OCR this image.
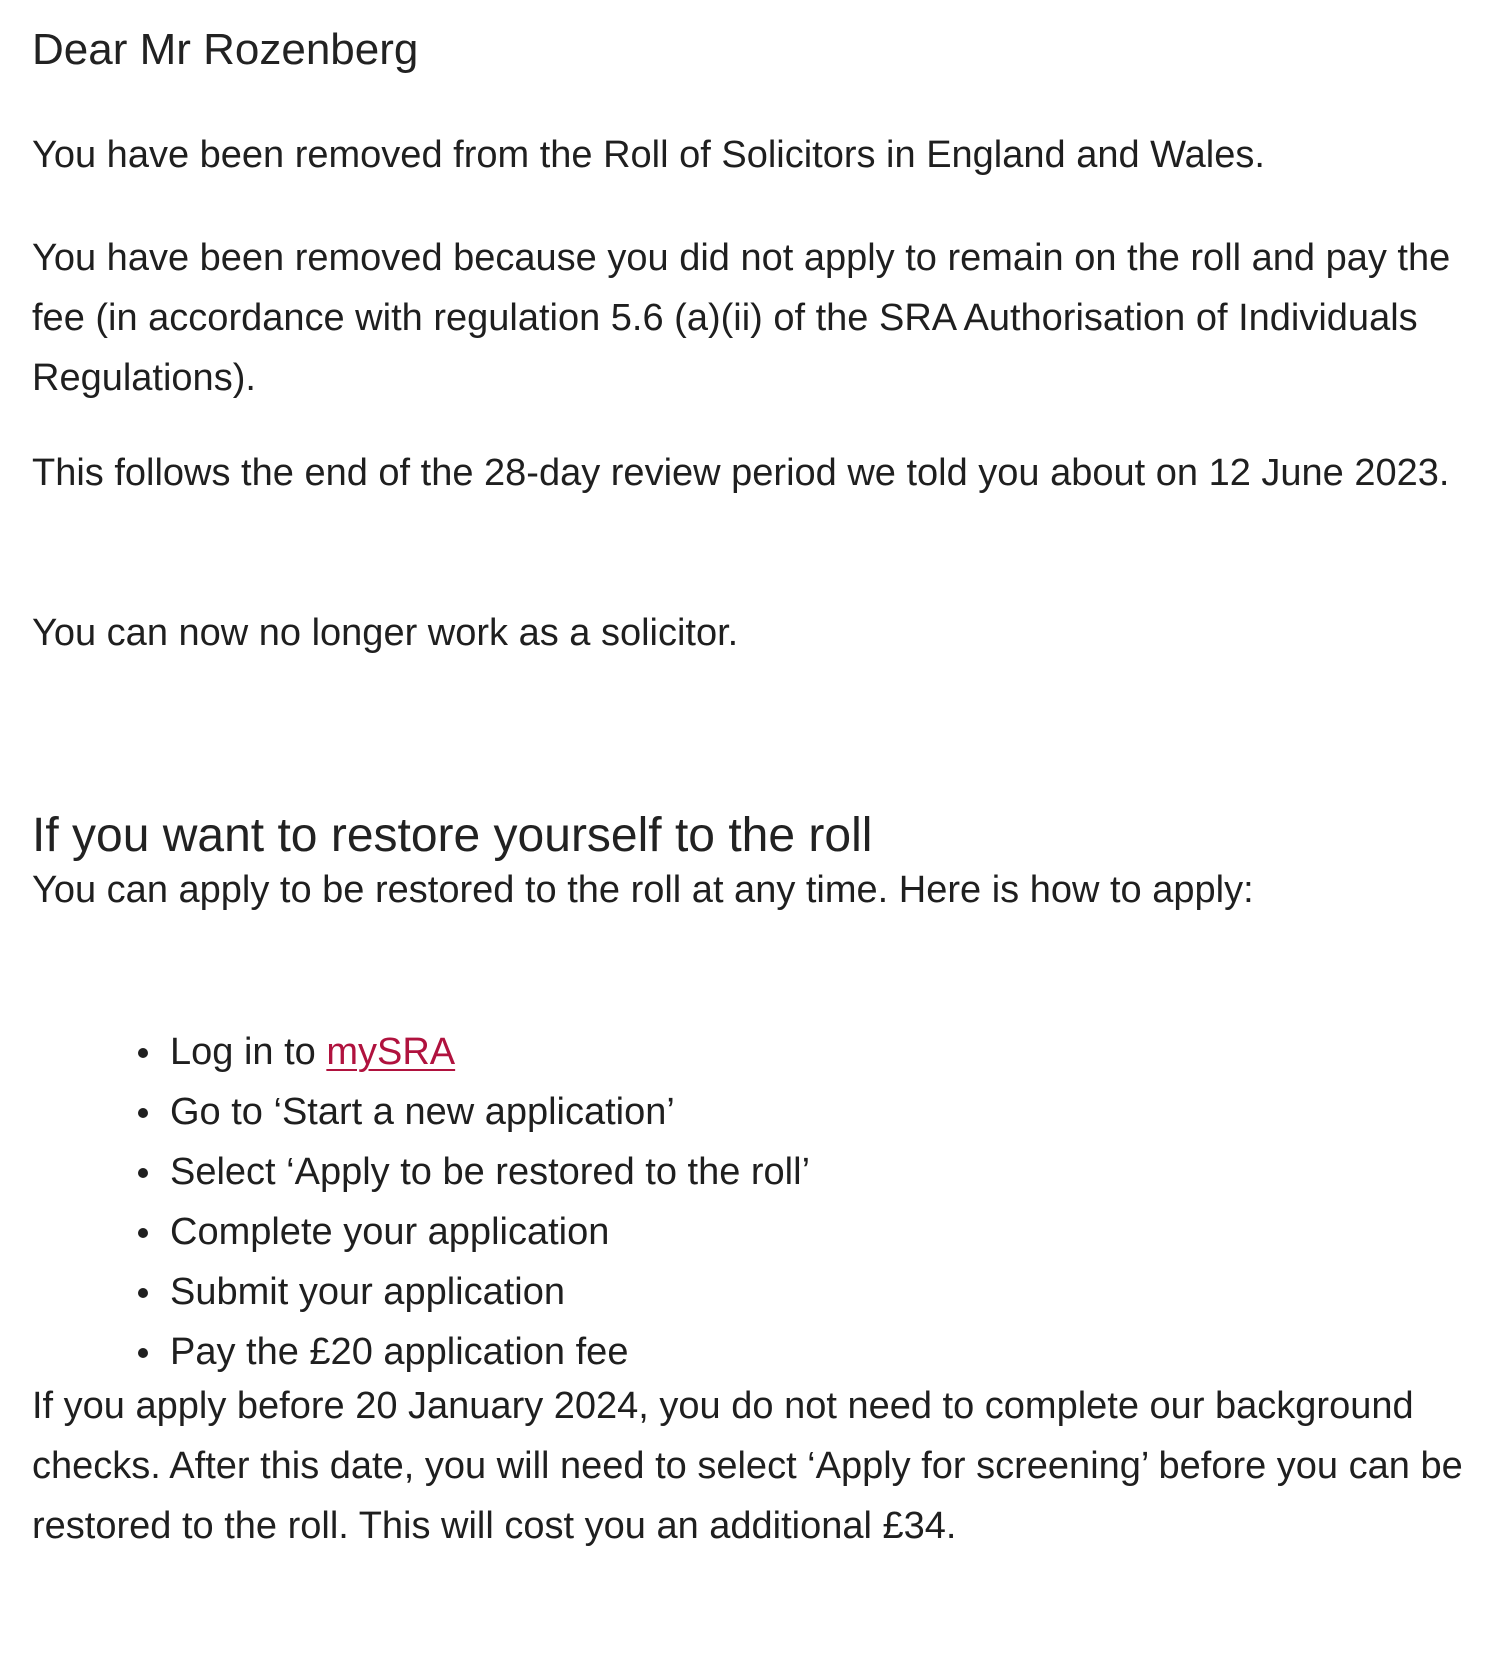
Dear Mr Rozenberg

You have been removed from the Roll of Solicitors in England and Wales.

You have been removed because you did not apply to remain on the roll and pay the fee (in accordance with regulation 5.6 (a)(ii) of the SRA Authorisation of Individuals Regulations).

This follows the end of the 28-day review period we told you about on 12 June 2023.

You can now no longer work as a solicitor.

If you want to restore yourself to the roll

You can apply to be restored to the roll at any time. Here is how to apply:

Log in to mySRA
Go to ‘Start a new application’
Select ‘Apply to be restored to the roll’
Complete your application
Submit your application
Pay the £20 application fee

If you apply before 20 January 2024, you do not need to complete our background checks. After this date, you will need to select ‘Apply for screening’ before you can be restored to the roll. This will cost you an additional £34.
